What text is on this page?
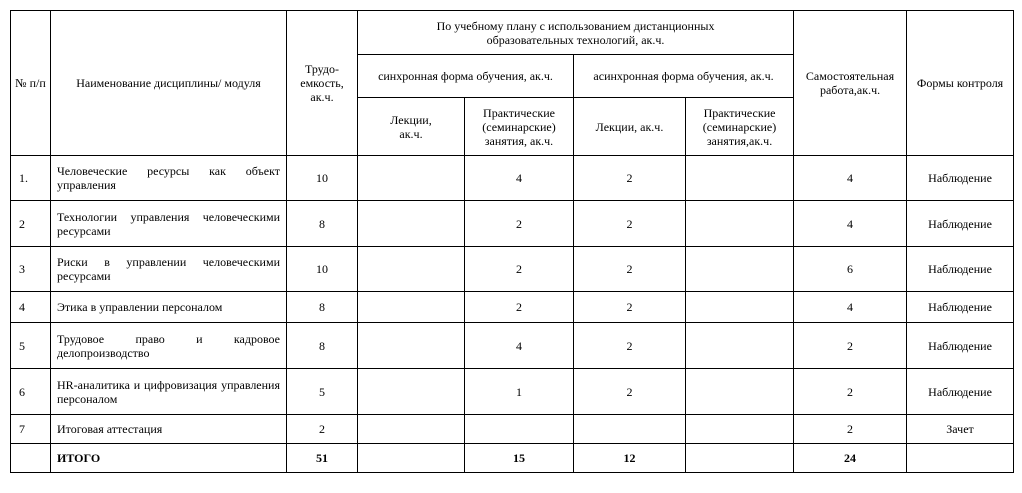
№ п/п	Наименование дисциплины/ модуля	Трудо-емкость, ак.ч.	По учебному плану с использованием дистанционных образовательных технологий, ак.ч.				Самостоятельная работа,ак.ч.	Формы контроля
			синхронная форма обучения, ак.ч.		асинхронная форма обучения, ак.ч.			

			Лекции, ак.ч.	Практические (семинарские) занятия, ак.ч.	Лекции, ак.ч.	Практические (семинарские) занятия,ак.ч.		
1.	Человеческие ресурсы как объект управления	10		4	2		4	Наблюдение
2	Технологии управления человеческими ресурсами	8		2	2		4	Наблюдение
3	Риски в управлении человеческими ресурсами	10		2	2		6	Наблюдение
4	Этика в управлении персоналом	8		2	2		4	Наблюдение
5	Трудовое право и кадровое делопроизводство	8		4	2		2	Наблюдение
6	HR-аналитика и цифровизация управления персоналом	5		1	2		2	Наблюдение
7	Итоговая аттестация	2					2	Зачет
	ИТОГО	51		15	12		24	
